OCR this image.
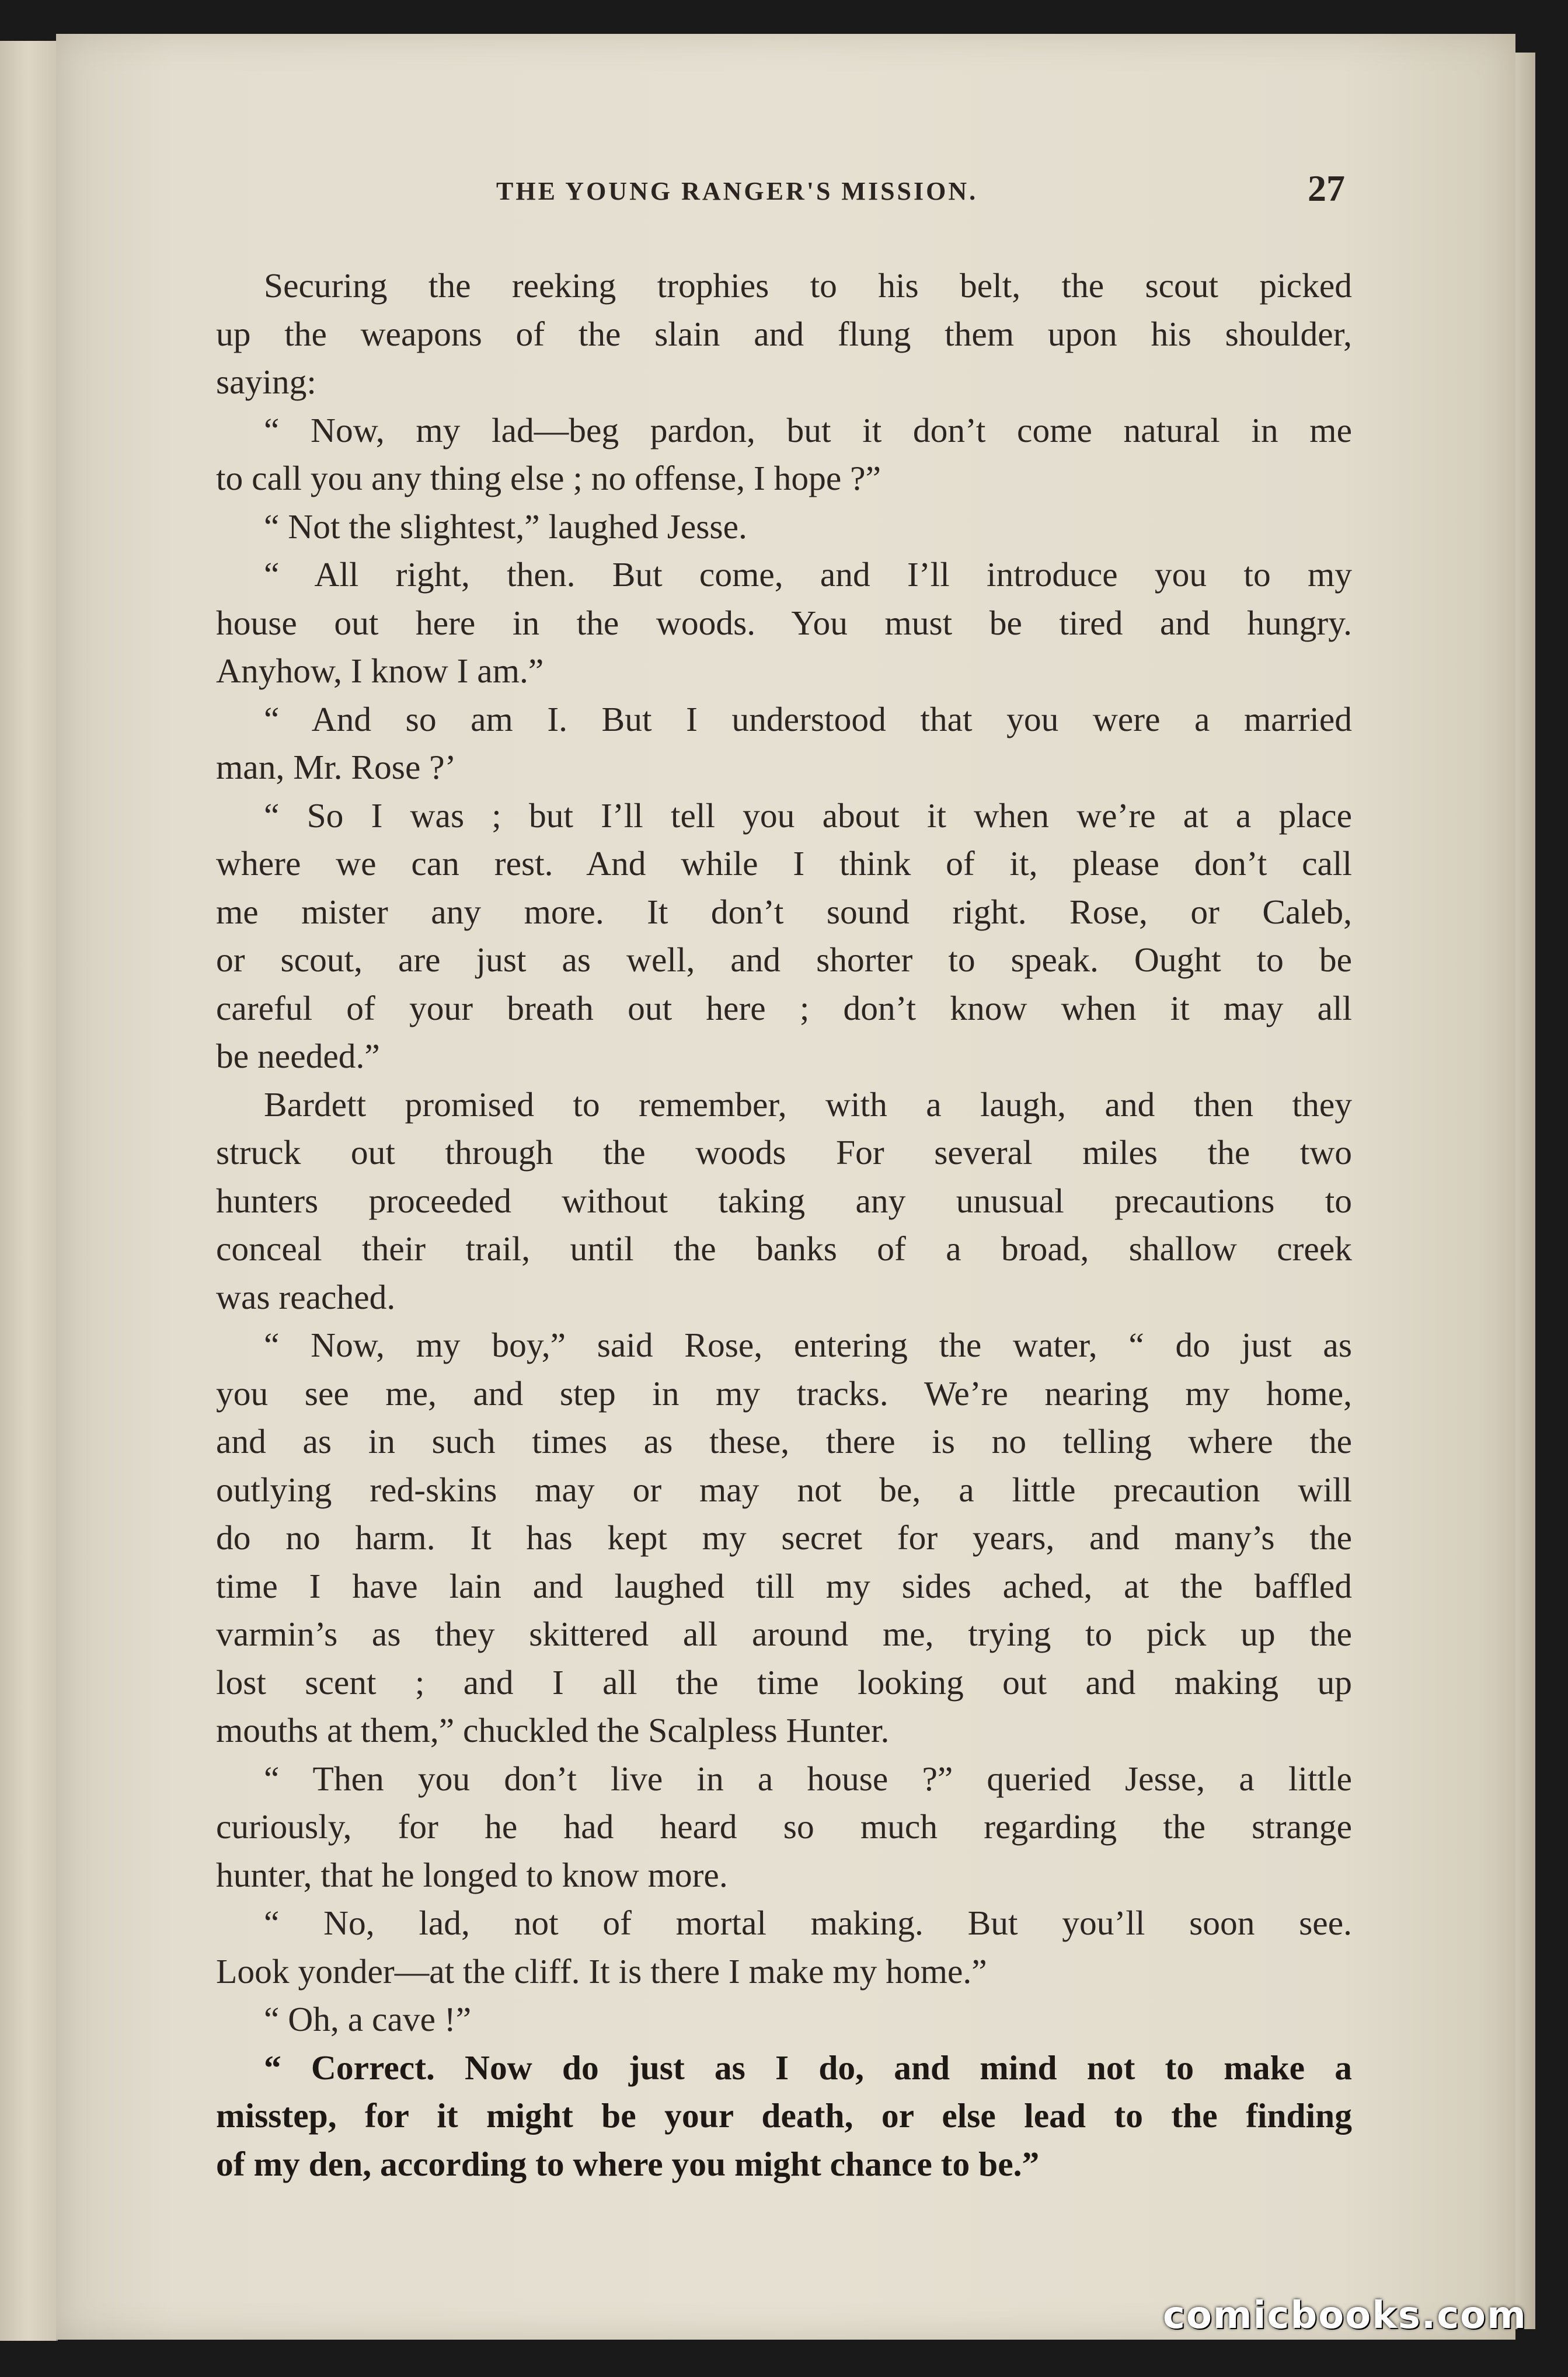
THE YOUNG RANGER'S MISSION.	27
Securing the reeking trophies to his belt, the scout picked
up the weapons of the slain and flung them upon his shoulder,
saying:
“ Now, my lad—beg pardon, but it don’t come natural in me
to call you any thing else ; no offense, I hope ?”
“ Not the slightest,” laughed Jesse.
“ All right, then. But come, and I’ll introduce you to my
house out here in the woods. You must be tired and hungry.
Anyhow, I know I am.”
“ And so am I. But I understood that you were a married
man, Mr. Rose ?’
“ So I was ; but I’ll tell you about it when we’re at a place
where we can rest. And while I think of it, please don’t call
me mister any more. It don’t sound right. Rose, or Caleb,
or scout, are just as well, and shorter to speak. Ought to be
careful of your breath out here ; don’t know when it may all
be needed.”
Bardett promised to remember, with a laugh, and then they
struck out through the woods For several miles the two
hunters proceeded without taking any unusual precautions to
conceal their trail, until the banks of a broad, shallow creek
was reached.
“ Now, my boy,” said Rose, entering the water, “ do just as
you see me, and step in my tracks. We’re nearing my home,
and as in such times as these, there is no telling where the
outlying red-skins may or may not be, a little precaution will
do no harm. It has kept my secret for years, and many’s the
time I have lain and laughed till my sides ached, at the baffled
varmin’s as they skittered all around me, trying to pick up the
lost scent ; and I all the time looking out and making up
mouths at them,” chuckled the Scalpless Hunter.
“ Then you don’t live in a house ?” queried Jesse, a little
curiously, for he had heard so much regarding the strange
hunter, that he longed to know more.
“ No, lad, not of mortal making. But you’ll soon see.
Look yonder—at the cliff. It is there I make my home.”
“ Oh, a cave !”
“ Correct. Now do just as I do, and mind not to make a
misstep, for it might be your death, or else lead to the finding
of my den, according to where you might chance to be.”
comicbooks.com
